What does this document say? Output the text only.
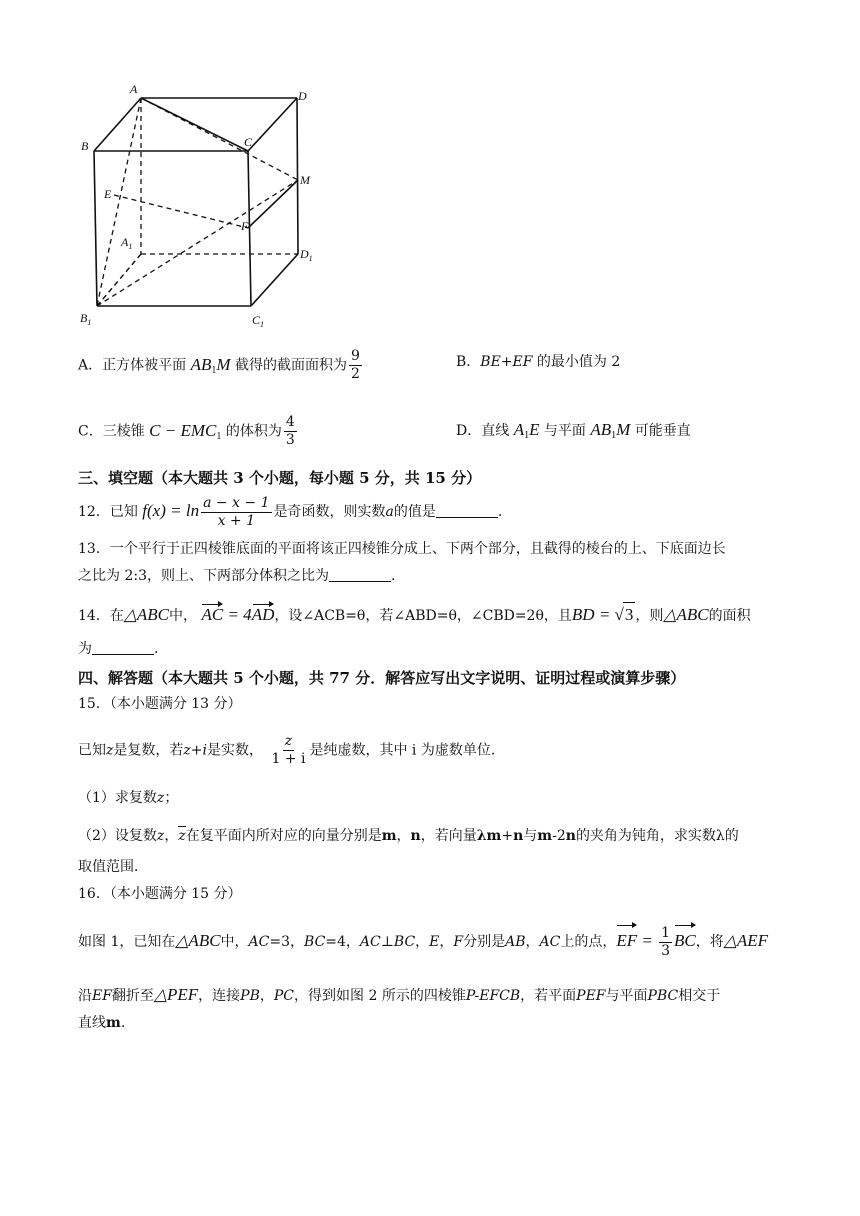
A	D
B	C
M
E
F
$A_1$
$D_1$
$B_1$	$C_1$
A．正方体被平面 $AB_1M$ 截得的截面面积为 $\frac{9}{2}$	B．BE+EF 的最小值为 2
C．三棱锥 $C - EMC_1$ 的体积为 $\frac{4}{3}$	D．直线 $A_1E$ 与平面 $AB_1M$ 可能垂直
三、填空题（本大题共 3 个小题，每小题 5 分，共 15 分）
12．已知 $f(x) = \ln \frac{a - x - 1}{x + 1}$ 是奇函数，则实数a的值是	.
13．一个平行于正四棱锥底面的平面将该正四棱锥分成上、下两个部分，且截得的棱台的上、下底面边长
之比为 2:3，则上、下两部分体积之比为	.
14．在△ABC中， AC = 4AD，设∠ACB=θ，若∠ABD=θ，∠CBD=2θ，且BD = √3 ，则△ABC的面积
为	.
四、解答题（本大题共 5 个小题，共 77 分．解答应写出文字说明、证明过程或演算步骤）
15．（本小题满分 13 分）
已知z是复数，若z+i是实数， $\frac{z}{1 + i}$ 是纯虚数，其中 i 为虚数单位．
（1）求复数z；
（2）设复数z，z在复平面内所对应的向量分别是m，n，若向量λm+n与m-2n的夹角为钝角，求实数λ的
取值范围．
16．（本小题满分 15 分）
如图 1，已知在△ABC中，AC=3，BC=4，AC⊥BC，E，F分别是AB，AC上的点，EF = $\frac{1}{3}$ BC，将△AEF
沿EF翻折至△PEF，连接PB，PC，得到如图 2 所示的四棱锥P-EFCB，若平面PEF与平面PBC相交于
直线m.
